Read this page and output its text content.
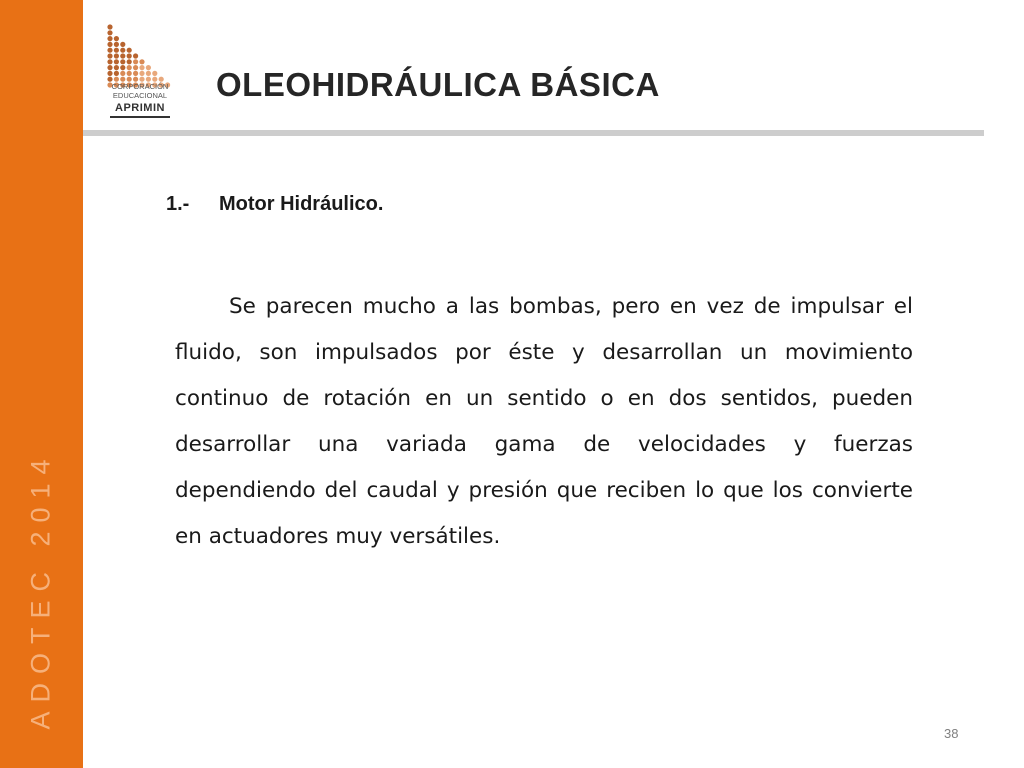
ADOTEC 2014
CORPORACIÓN
EDUCACIONAL
APRIMIN
OLEOHIDRÁULICA BÁSICA
1.- Motor Hidráulico.

Se parecen mucho a las bombas, pero en vez de impulsar el fluido, son impulsados por éste y desarrollan un movimiento continuo de rotación en un sentido o en dos sentidos, pueden desarrollar una variada gama de velocidades y fuerzas dependiendo del caudal y presión que reciben lo que los convierte en actuadores muy versátiles.

38
